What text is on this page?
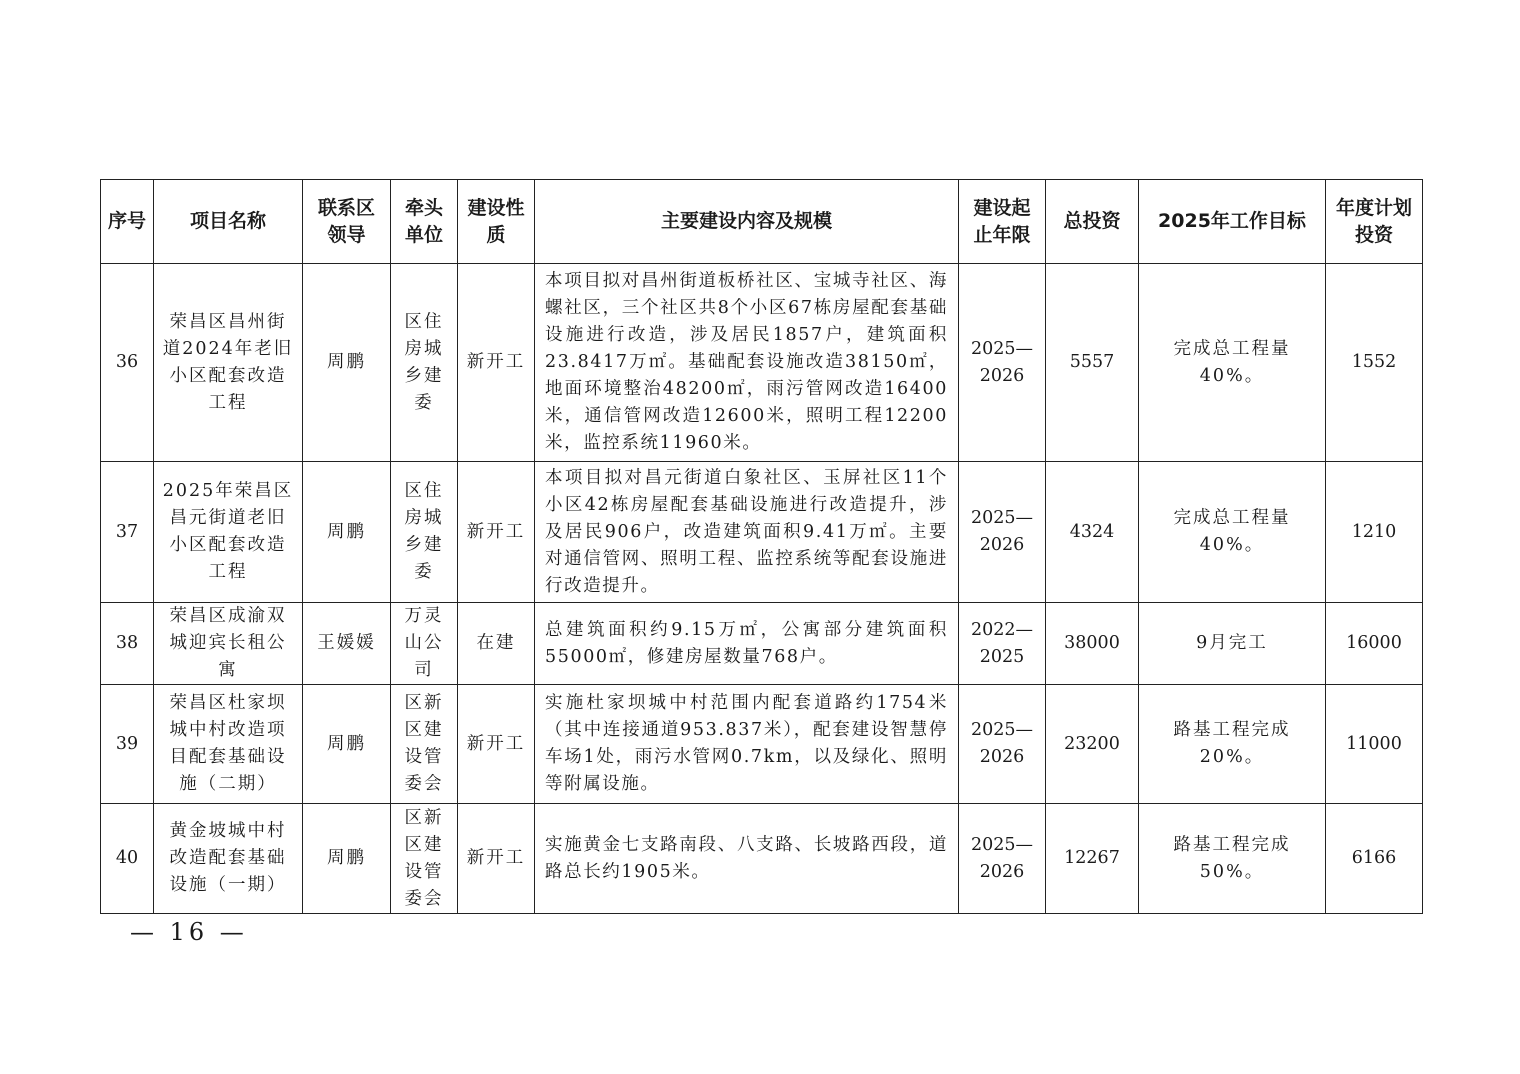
序号	项目名称	联系区领导	牵头单位	建设性质	主要建设内容及规模	建设起止年限	总投资	2025年工作目标	年度计划投资
36	荣昌区昌州街道2024年老旧小区配套改造工程	周鹏	区住房城乡建委	新开工	本项目拟对昌州街道板桥社区、宝城寺社区、海螺社区，三个社区共8个小区67栋房屋配套基础设施进行改造，涉及居民1857户，建筑面积23.8417万㎡。基础配套设施改造38150㎡，地面环境整治48200㎡，雨污管网改造16400米，通信管网改造12600米，照明工程12200米，监控系统11960米。	2025—2026	5557	完成总工程量40%。	1552
37	2025年荣昌区昌元街道老旧小区配套改造工程	周鹏	区住房城乡建委	新开工	本项目拟对昌元街道白象社区、玉屏社区11个小区42栋房屋配套基础设施进行改造提升，涉及居民906户，改造建筑面积9.41万㎡。主要对通信管网、照明工程、监控系统等配套设施进行改造提升。	2025—2026	4324	完成总工程量40%。	1210
38	荣昌区成渝双城迎宾长租公寓	王媛媛	万灵山公司	在建	总建筑面积约9.15万㎡，公寓部分建筑面积55000㎡，修建房屋数量768户。	2022—2025	38000	9月完工	16000
39	荣昌区杜家坝城中村改造项目配套基础设施（二期）	周鹏	区新区建设管委会	新开工	实施杜家坝城中村范围内配套道路约1754米（其中连接通道953.837米），配套建设智慧停车场1处，雨污水管网0.7km，以及绿化、照明等附属设施。	2025—2026	23200	路基工程完成20%。	11000
40	黄金坡城中村改造配套基础设施（一期）	周鹏	区新区建设管委会	新开工	实施黄金七支路南段、八支路、长坡路西段，道路总长约1905米。	2025—2026	12267	路基工程完成50%。	6166
— 16 —
